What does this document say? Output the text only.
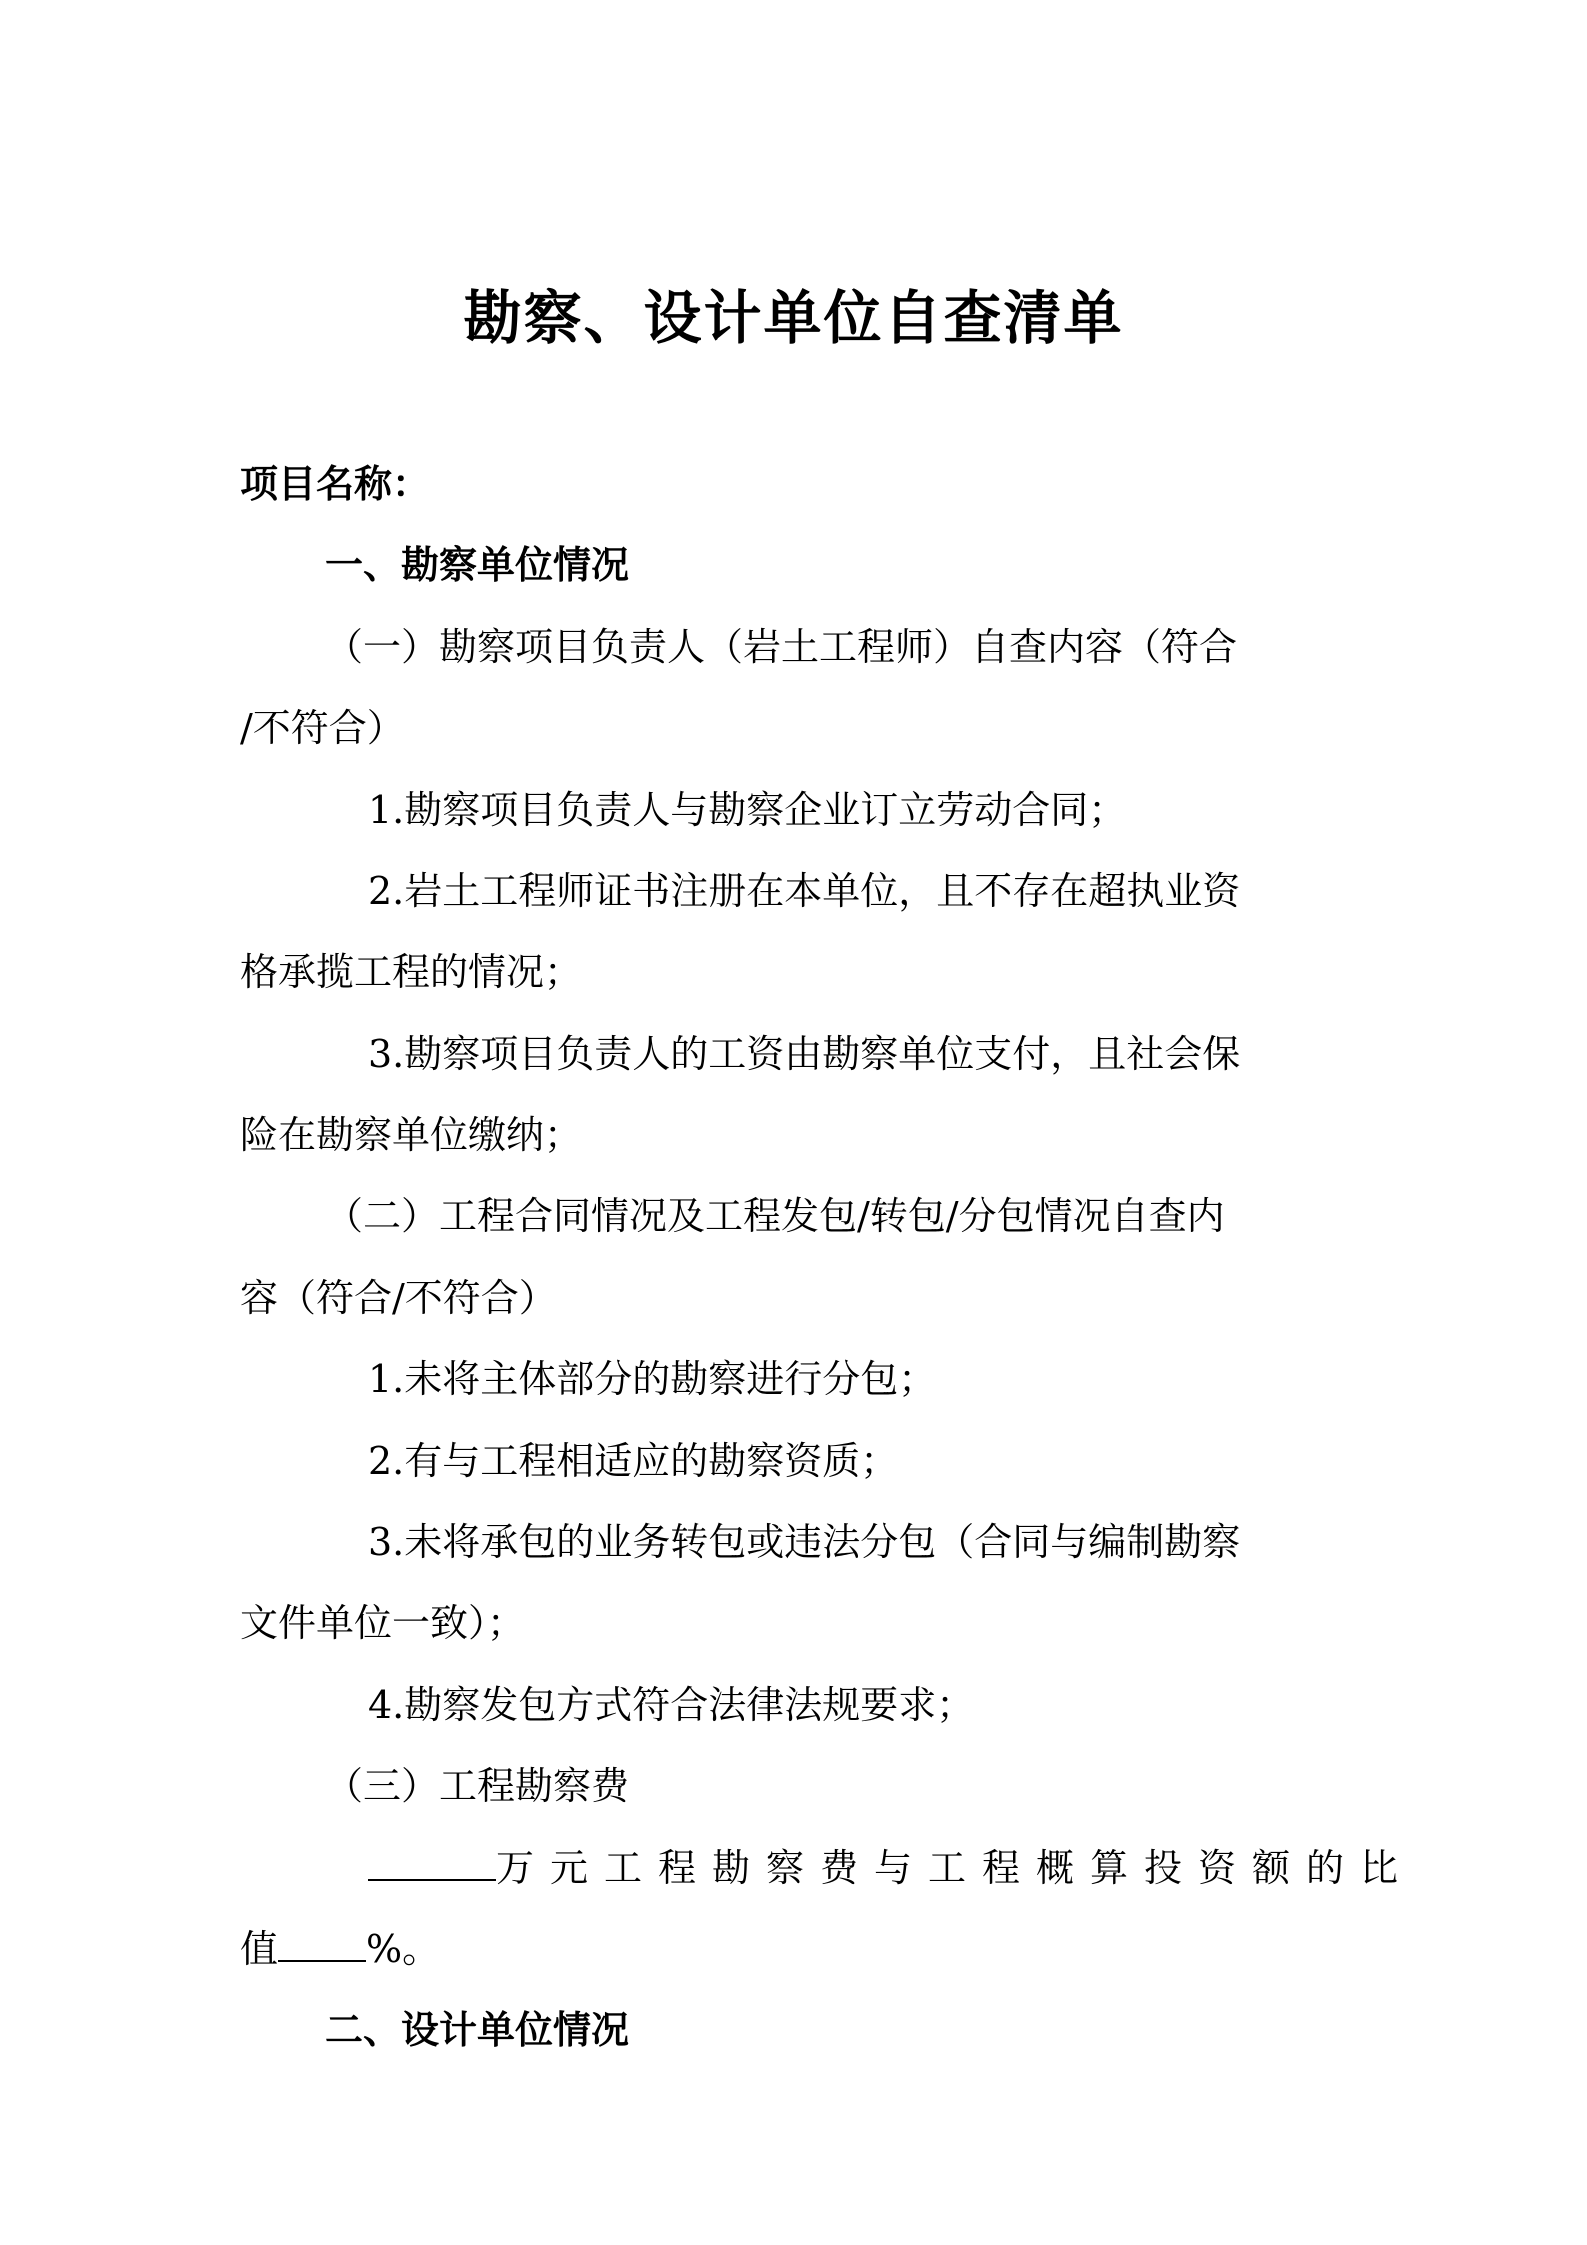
勘察、设计单位自查清单
项目名称：
一、勘察单位情况
（一）勘察项目负责人（岩土工程师）自查内容（符合
/不符合）
1.勘察项目负责人与勘察企业订立劳动合同；
2.岩土工程师证书注册在本单位，且不存在超执业资
格承揽工程的情况；
3.勘察项目负责人的工资由勘察单位支付，且社会保
险在勘察单位缴纳；
（二）工程合同情况及工程发包/转包/分包情况自查内
容（符合/不符合）
1.未将主体部分的勘察进行分包；
2.有与工程相适应的勘察资质；
3.未将承包的业务转包或违法分包（合同与编制勘察
文件单位一致）；
4.勘察发包方式符合法律法规要求；
（三）工程勘察费
万元工程勘察费与工程概算投资额的比
值 %。
二、设计单位情况
